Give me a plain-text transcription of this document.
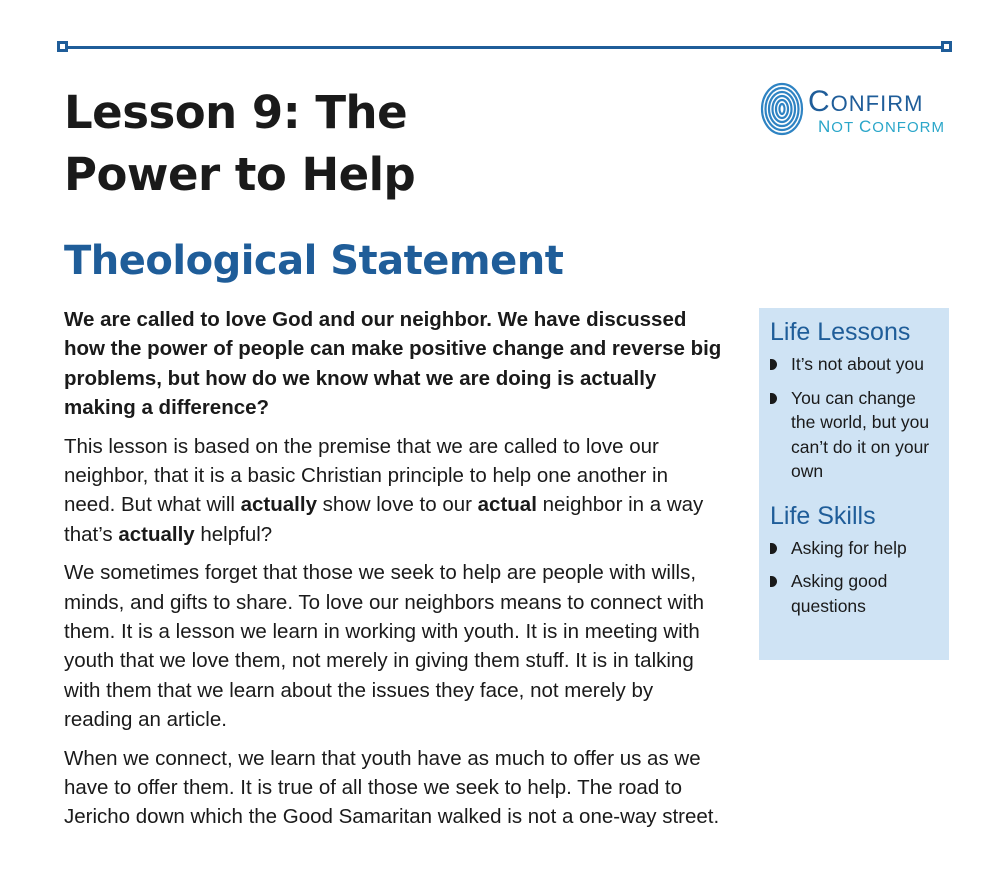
CONFIRM
NOT CONFORM
Lesson 9: The
Power to Help
Theological Statement

We are called to love God and our neighbor. We have discussed how the power of people can make positive change and reverse big problems, but how do we know what we are doing is actually making a difference?

This lesson is based on the premise that we are called to love our neighbor, that it is a basic Christian principle to help one another in need. But what will actually show love to our actual neighbor in a way that’s actually helpful?

We sometimes forget that those we seek to help are people with wills, minds, and gifts to share. To love our neighbors means to connect with them. It is a lesson we learn in working with youth. It is in meeting with youth that we love them, not merely in giving them stuff. It is in talking with them that we learn about the issues they face, not merely by reading an article.

When we connect, we learn that youth have as much to offer us as we have to offer them. It is true of all those we seek to help. The road to Jericho down which the Good Samaritan walked is not a one-way street.

Life Lessons
It’s not about you
You can change the world, but you can’t do it on your own
Life Skills
Asking for help
Asking good questions
